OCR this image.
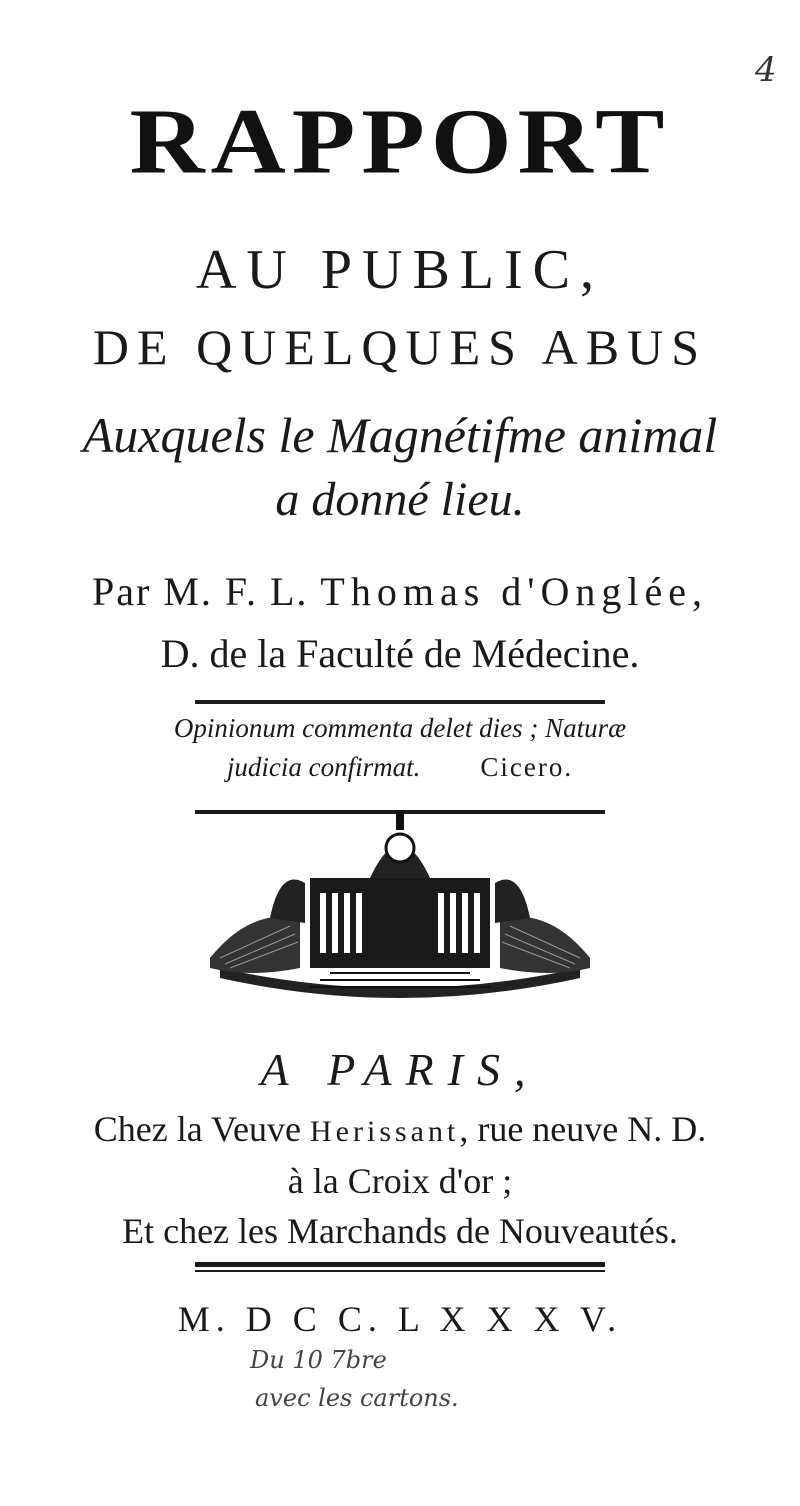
4
RAPPORT
AU PUBLIC,
DE QUELQUES ABUS
Auxquels le Magnétifme animal
a donné lieu.
Par M. F. L. Thomas d'Onglée,
D. de la Faculté de Médecine.
Opinionum commenta delet dies ; Naturæ
judicia confirmat. Cicero.
A PARIS,
Chez la Veuve Herissant, rue neuve N. D.
à la Croix d'or ;
Et chez les Marchands de Nouveautés.
M. D C C. L X X X V.
Du 10 7bre
avec les cartons.
